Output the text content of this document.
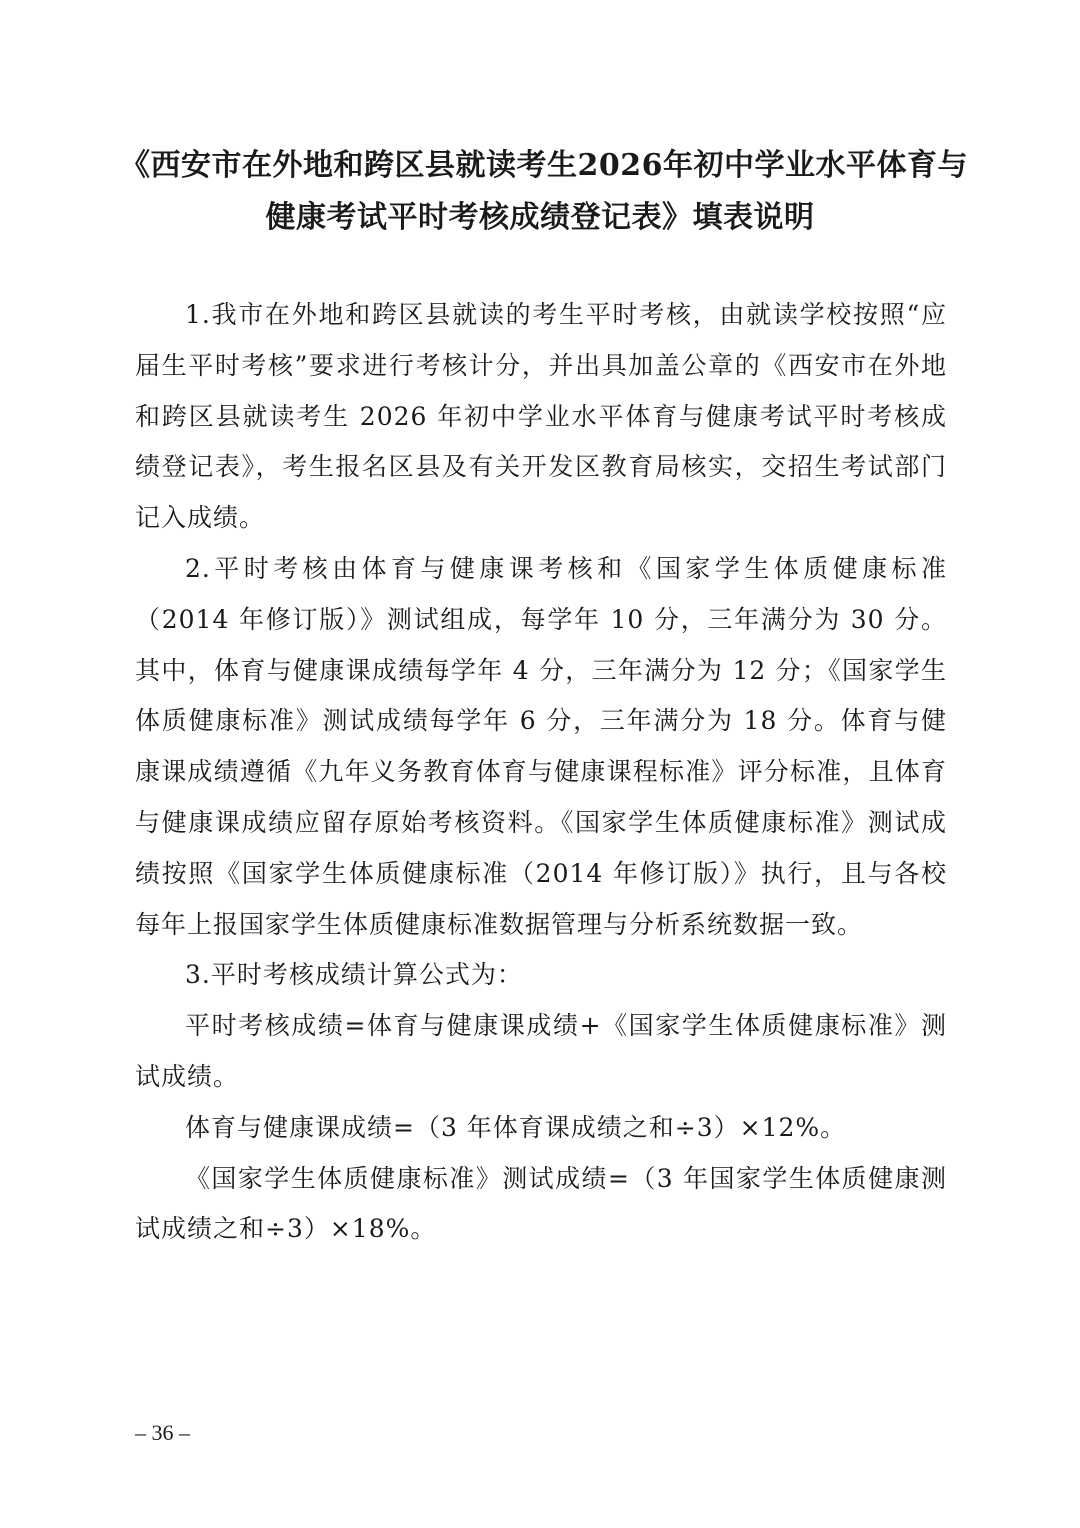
《西安市在外地和跨区县就读考生2026年初中学业水平体育与
健康考试平时考核成绩登记表》填表说明

1.我市在外地和跨区县就读的考生平时考核，由就读学校按照“应届生平时考核”要求进行考核计分，并出具加盖公章的《西安市在外地和跨区县就读考生 2026 年初中学业水平体育与健康考试平时考核成绩登记表》，考生报名区县及有关开发区教育局核实，交招生考试部门记入成绩。

2.平时考核由体育与健康课考核和《国家学生体质健康标准（2014 年修订版）》测试组成，每学年 10 分，三年满分为 30 分。其中，体育与健康课成绩每学年 4 分，三年满分为 12 分；《国家学生体质健康标准》测试成绩每学年 6 分，三年满分为 18 分。体育与健康课成绩遵循《九年义务教育体育与健康课程标准》评分标准，且体育与健康课成绩应留存原始考核资料。《国家学生体质健康标准》测试成绩按照《国家学生体质健康标准（2014 年修订版）》执行，且与各校每年上报国家学生体质健康标准数据管理与分析系统数据一致。

3.平时考核成绩计算公式为：

平时考核成绩=体育与健康课成绩+《国家学生体质健康标准》测试成绩。

体育与健康课成绩=（3 年体育课成绩之和÷3）×12%。

《国家学生体质健康标准》测试成绩=（3 年国家学生体质健康测试成绩之和÷3）×18%。

– 36 –
